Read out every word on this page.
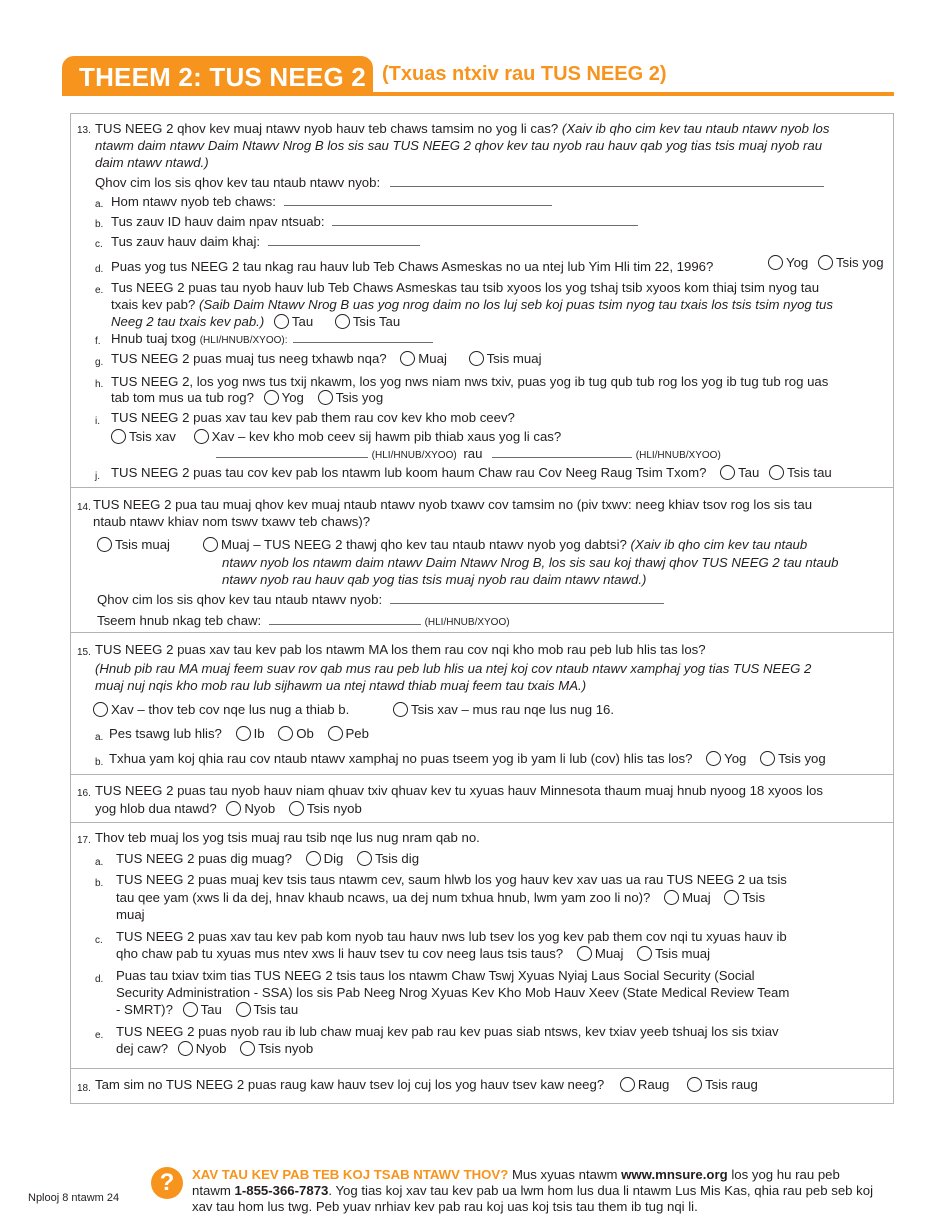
THEEM 2: TUS NEEG 2 (Txuas ntxiv rau TUS NEEG 2)
13. TUS NEEG 2 qhov kev muaj ntawv nyob hauv teb chaws tamsim no yog li cas? (Xaiv ib qho cim kev tau ntaub ntawv nyob los
ntawm daim ntawv Daim Ntawv Nrog B los sis sau TUS NEEG 2 qhov kev tau nyob rau hauv qab yog tias tsis muaj nyob rau
daim ntawv ntawd.)
Qhov cim los sis qhov kev tau ntaub ntawv nyob:
a. Hom ntawv nyob teb chaws:
b. Tus zauv ID hauv daim npav ntsuab:
c. Tus zauv hauv daim khaj:
d. Puas yog tus NEEG 2 tau nkag rau hauv lub Teb Chaws Asmeskas no ua ntej lub Yim Hli tim 22, 1996?	Yog Tsis yog
e. Tus NEEG 2 puas tau nyob hauv lub Teb Chaws Asmeskas tau tsib xyoos los yog tshaj tsib xyoos kom thiaj tsim nyog tau
txais kev pab? (Saib Daim Ntawv Nrog B uas yog nrog daim no los luj seb koj puas tsim nyog tau txais los tsis tsim nyog tus
Neeg 2 tau txais kev pab.) Tau	Tsis Tau
f. Hnub tuaj txog (HLI/HNUB/XYOO):
g. TUS NEEG 2 puas muaj tus neeg txhawb nqa? Muaj	Tsis muaj
h. TUS NEEG 2, los yog nws tus txij nkawm, los yog nws niam nws txiv, puas yog ib tug qub tub rog los yog ib tug tub rog uas
tab tom mus ua tub rog? Yog Tsis yog
i. TUS NEEG 2 puas xav tau kev pab them rau cov kev kho mob ceev?
Tsis xav	Xav – kev kho mob ceev sij hawm pib thiab xaus yog li cas?
(HLI/HNUB/XYOO) rau	(HLI/HNUB/XYOO)
j. TUS NEEG 2 puas tau cov kev pab los ntawm lub koom haum Chaw rau Cov Neeg Raug Tsim Txom? Tau Tsis tau
14. TUS NEEG 2 pua tau muaj qhov kev muaj ntaub ntawv nyob txawv cov tamsim no (piv txwv: neeg khiav tsov rog los sis tau
ntaub ntawv khiav nom tswv txawv teb chaws)?
Tsis muaj	Muaj – TUS NEEG 2 thawj qho kev tau ntaub ntawv nyob yog dabtsi? (Xaiv ib qho cim kev tau ntaub
ntawv nyob los ntawm daim ntawv Daim Ntawv Nrog B, los sis sau koj thawj qhov TUS NEEG 2 tau ntaub
ntawv nyob rau hauv qab yog tias tsis muaj nyob rau daim ntawv ntawd.)
Qhov cim los sis qhov kev tau ntaub ntawv nyob:
Tseem hnub nkag teb chaw:	(HLI/HNUB/XYOO)
15. TUS NEEG 2 puas xav tau kev pab los ntawm MA los them rau cov nqi kho mob rau peb lub hlis tas los?
(Hnub pib rau MA muaj feem suav rov qab mus rau peb lub hlis ua ntej koj cov ntaub ntawv xamphaj yog tias TUS NEEG 2
muaj nuj nqis kho mob rau lub sijhawm ua ntej ntawd thiab muaj feem tau txais MA.)
Xav – thov teb cov nqe lus nug a thiab b.	Tsis xav – mus rau nqe lus nug 16.
a. Pes tsawg lub hlis? Ib Ob Peb
b. Txhua yam koj qhia rau cov ntaub ntawv xamphaj no puas tseem yog ib yam li lub (cov) hlis tas los? Yog Tsis yog
16. TUS NEEG 2 puas tau nyob hauv niam qhuav txiv qhuav kev tu xyuas hauv Minnesota thaum muaj hnub nyoog 18 xyoos los
yog hlob dua ntawd? Nyob Tsis nyob
17. Thov teb muaj los yog tsis muaj rau tsib nqe lus nug nram qab no.
a. TUS NEEG 2 puas dig muag? Dig Tsis dig
b. TUS NEEG 2 puas muaj kev tsis taus ntawm cev, saum hlwb los yog hauv kev xav uas ua rau TUS NEEG 2 ua tsis
tau qee yam (xws li da dej, hnav khaub ncaws, ua dej num txhua hnub, lwm yam zoo li no)? Muaj Tsis
muaj
c. TUS NEEG 2 puas xav tau kev pab kom nyob tau hauv nws lub tsev los yog kev pab them cov nqi tu xyuas hauv ib
qho chaw pab tu xyuas mus ntev xws li hauv tsev tu cov neeg laus tsis taus? Muaj Tsis muaj
d. Puas tau txiav txim tias TUS NEEG 2 tsis taus los ntawm Chaw Tswj Xyuas Nyiaj Laus Social Security (Social
Security Administration - SSA) los sis Pab Neeg Nrog Xyuas Kev Kho Mob Hauv Xeev (State Medical Review Team
- SMRT)? Tau Tsis tau
e. TUS NEEG 2 puas nyob rau ib lub chaw muaj kev pab rau kev puas siab ntsws, kev txiav yeeb tshuaj los sis txiav
dej caw? Nyob Tsis nyob
18. Tam sim no TUS NEEG 2 puas raug kaw hauv tsev loj cuj los yog hauv tsev kaw neeg?	Raug	Tsis raug
Nplooj 8 ntawm 24
?	XAV TAU KEV PAB TEB KOJ TSAB NTAWV THOV? Mus xyuas ntawm www.mnsure.org los yog hu rau peb ntawm 1-855-366-7873. Yog tias koj xav tau kev pab ua lwm hom lus dua li ntawm Lus Mis Kas, qhia rau peb seb koj xav tau hom lus twg. Peb yuav nrhiav kev pab rau koj uas koj tsis tau them ib tug nqi li.
